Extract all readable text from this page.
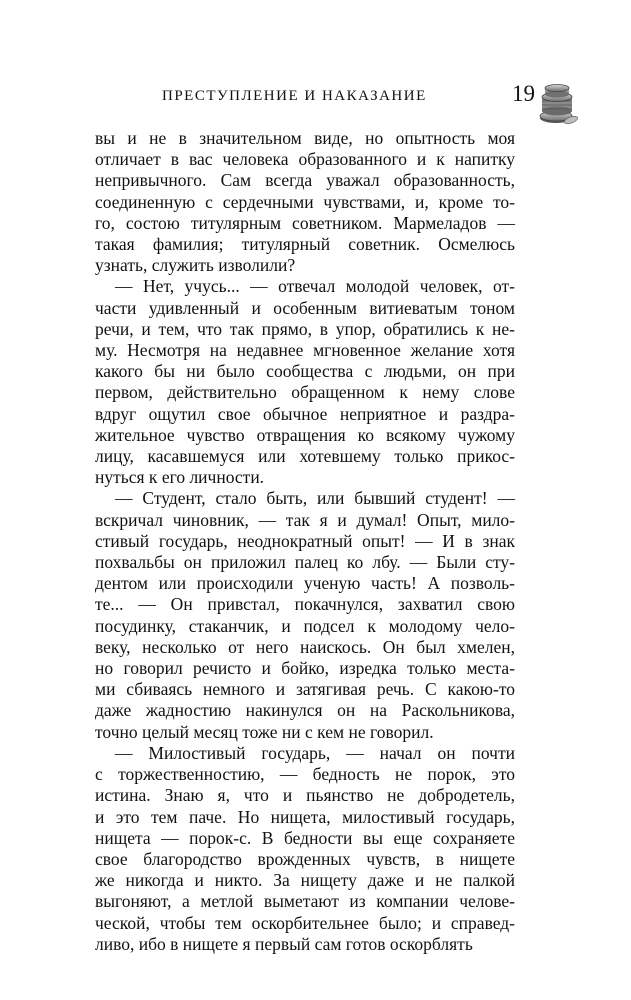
ПРЕСТУПЛЕНИЕ И НАКАЗАНИЕ	19
вы и не в значительном виде, но опытность моя
отличает в вас человека образованного и к напитку
непривычного. Сам всегда уважал образованность,
соединенную с сердечными чувствами, и, кроме то-
го, состою титулярным советником. Мармеладов —
такая фамилия; титулярный советник. Осмелюсь
узнать, служить изволили?
— Нет, учусь... — отвечал молодой человек, от-
части удивленный и особенным витиеватым тоном
речи, и тем, что так прямо, в упор, обратились к не-
му. Несмотря на недавнее мгновенное желание хотя
какого бы ни было сообщества с людьми, он при
первом, действительно обращенном к нему слове
вдруг ощутил свое обычное неприятное и раздра-
жительное чувство отвращения ко всякому чужому
лицу, касавшемуся или хотевшему только прикос-
нуться к его личности.
— Студент, стало быть, или бывший студент! —
вскричал чиновник, — так я и думал! Опыт, мило-
стивый государь, неоднократный опыт! — И в знак
похвальбы он приложил палец ко лбу. — Были сту-
дентом или происходили ученую часть! А позволь-
те... — Он привстал, покачнулся, захватил свою
посудинку, стаканчик, и подсел к молодому чело-
веку, несколько от него наискось. Он был хмелен,
но говорил речисто и бойко, изредка только места-
ми сбиваясь немного и затягивая речь. С какою-то
даже жадностию накинулся он на Раскольникова,
точно целый месяц тоже ни с кем не говорил.
— Милостивый государь, — начал он почти
с торжественностию, — бедность не порок, это
истина. Знаю я, что и пьянство не добродетель,
и это тем паче. Но нищета, милостивый государь,
нищета — порок-с. В бедности вы еще сохраняете
свое благородство врожденных чувств, в нищете
же никогда и никто. За нищету даже и не палкой
выгоняют, а метлой выметают из компании челове-
ческой, чтобы тем оскорбительнее было; и справед-
ливо, ибо в нищете я первый сам готов оскорблять
